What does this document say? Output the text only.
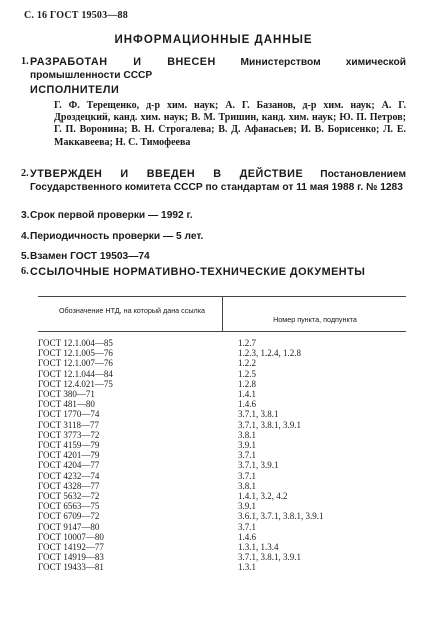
С. 16 ГОСТ 19503—88
ИНФОРМАЦИОННЫЕ ДАННЫЕ
1. РАЗРАБОТАН И ВНЕСЕН Министерством химической промышленности СССР
ИСПОЛНИТЕЛИ
Г. Ф. Терещенко, д-р хим. наук; А. Г. Базанов, д-р хим. наук; А. Г. Дроздецкий, канд. хим. наук; В. М. Тришин, канд. хим. наук; Ю. П. Петров; Г. П. Воронина; В. Н. Строгалева; В. Д. Афанасьев; И. В. Борисенко; Л. Е. Маккавеева; Н. С. Тимофеева
2. УТВЕРЖДЕН И ВВЕДЕН В ДЕЙСТВИЕ Постановлением Государственного комитета СССР по стандартам от 11 мая 1988 г. № 1283
3. Срок первой проверки — 1992 г.
4. Периодичность проверки — 5 лет.
5. Взамен ГОСТ 19503—74
6. ССЫЛОЧНЫЕ НОРМАТИВНО-ТЕХНИЧЕСКИЕ ДОКУМЕНТЫ
Обозначение НТД, на который дана ссылка
Номер пункта, подпункта
ГОСТ 12.1.004—85	1.2.7
ГОСТ 12.1.005—76	1.2.3, 1.2.4, 1.2.8
ГОСТ 12.1.007—76	1.2.2
ГОСТ 12.1.044—84	1.2.5
ГОСТ 12.4.021—75	1.2.8
ГОСТ 380—71	1.4.1
ГОСТ 481—80	1.4.6
ГОСТ 1770—74	3.7.1, 3.8.1
ГОСТ 3118—77	3.7.1, 3.8.1, 3.9.1
ГОСТ 3773—72	3.8.1
ГОСТ 4159—79	3.9.1
ГОСТ 4201—79	3.7.1
ГОСТ 4204—77	3.7.1, 3.9.1
ГОСТ 4232—74	3.7.1
ГОСТ 4328—77	3.8.1
ГОСТ 5632—72	1.4.1, 3.2, 4.2
ГОСТ 6563—75	3.9.1
ГОСТ 6709—72	3.6.1, 3.7.1, 3.8.1, 3.9.1
ГОСТ 9147—80	3.7.1
ГОСТ 10007—80	1.4.6
ГОСТ 14192—77	1.3.1, 1.3.4
ГОСТ 14919—83	3.7.1, 3.8.1, 3.9.1
ГОСТ 19433—81	1.3.1
